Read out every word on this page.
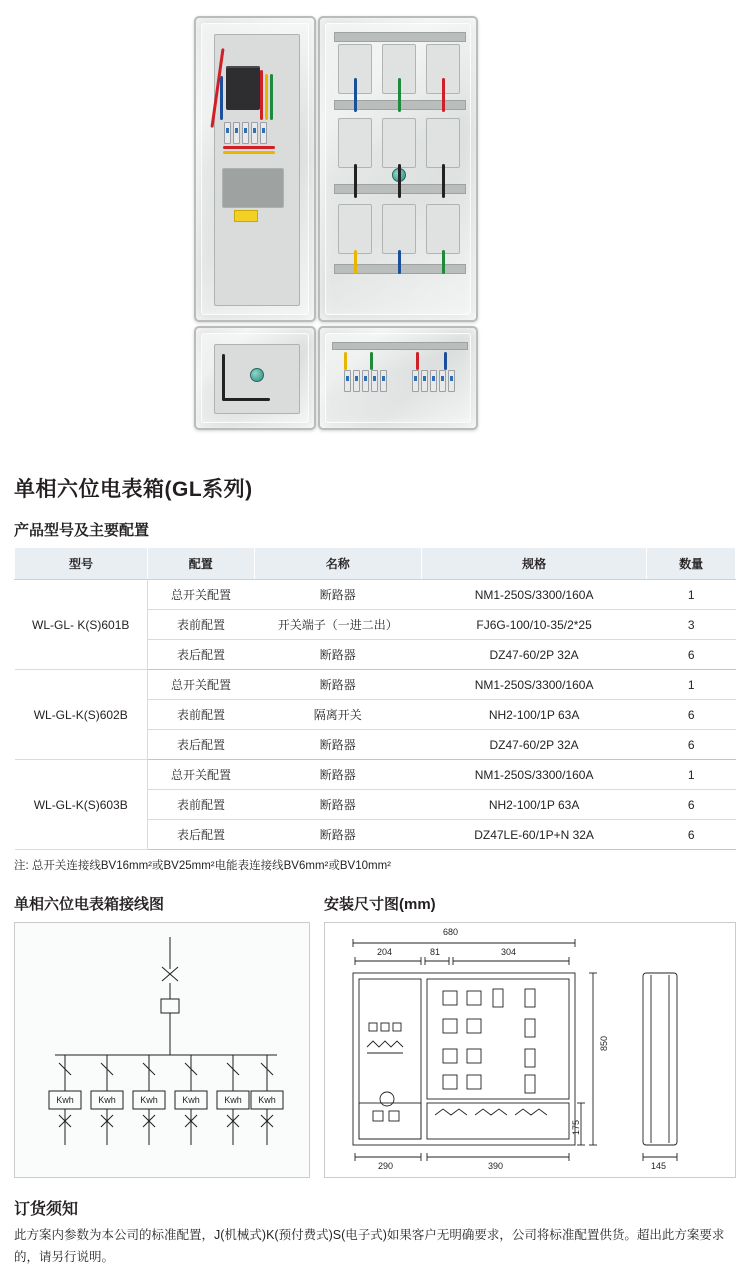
单相六位电表箱(GL系列)
产品型号及主要配置
型号	配置	名称	规格	数量
WL-GL- K(S)601B	总开关配置	断路器	NM1-250S/3300/160A	1
	表前配置	开关端子（一进二出）	FJ6G-100/10-35/2*25	3
	表后配置	断路器	DZ47-60/2P 32A	6
WL-GL-K(S)602B	总开关配置	断路器	NM1-250S/3300/160A	1
	表前配置	隔离开关	NH2-100/1P 63A	6
	表后配置	断路器	DZ47-60/2P 32A	6
WL-GL-K(S)603B	总开关配置	断路器	NM1-250S/3300/160A	1
	表前配置	断路器	NH2-100/1P 63A	6
	表后配置	断路器	DZ47LE-60/1P+N 32A	6

注: 总开关连接线BV16mm²或BV25mm²电能表连接线BV6mm²或BV10mm²

单相六位电表箱接线图
Kwh	Kwh	Kwh	Kwh	Kwh	Kwh
安装尺寸图(mm)
680
204	81	304
850
175
290	390	145
订货须知

此方案内参数为本公司的标准配置，J(机械式)K(预付费式)S(电子式)如果客户无明确要求，公司将标准配置供货。超出此方案要求的，请另行说明。
